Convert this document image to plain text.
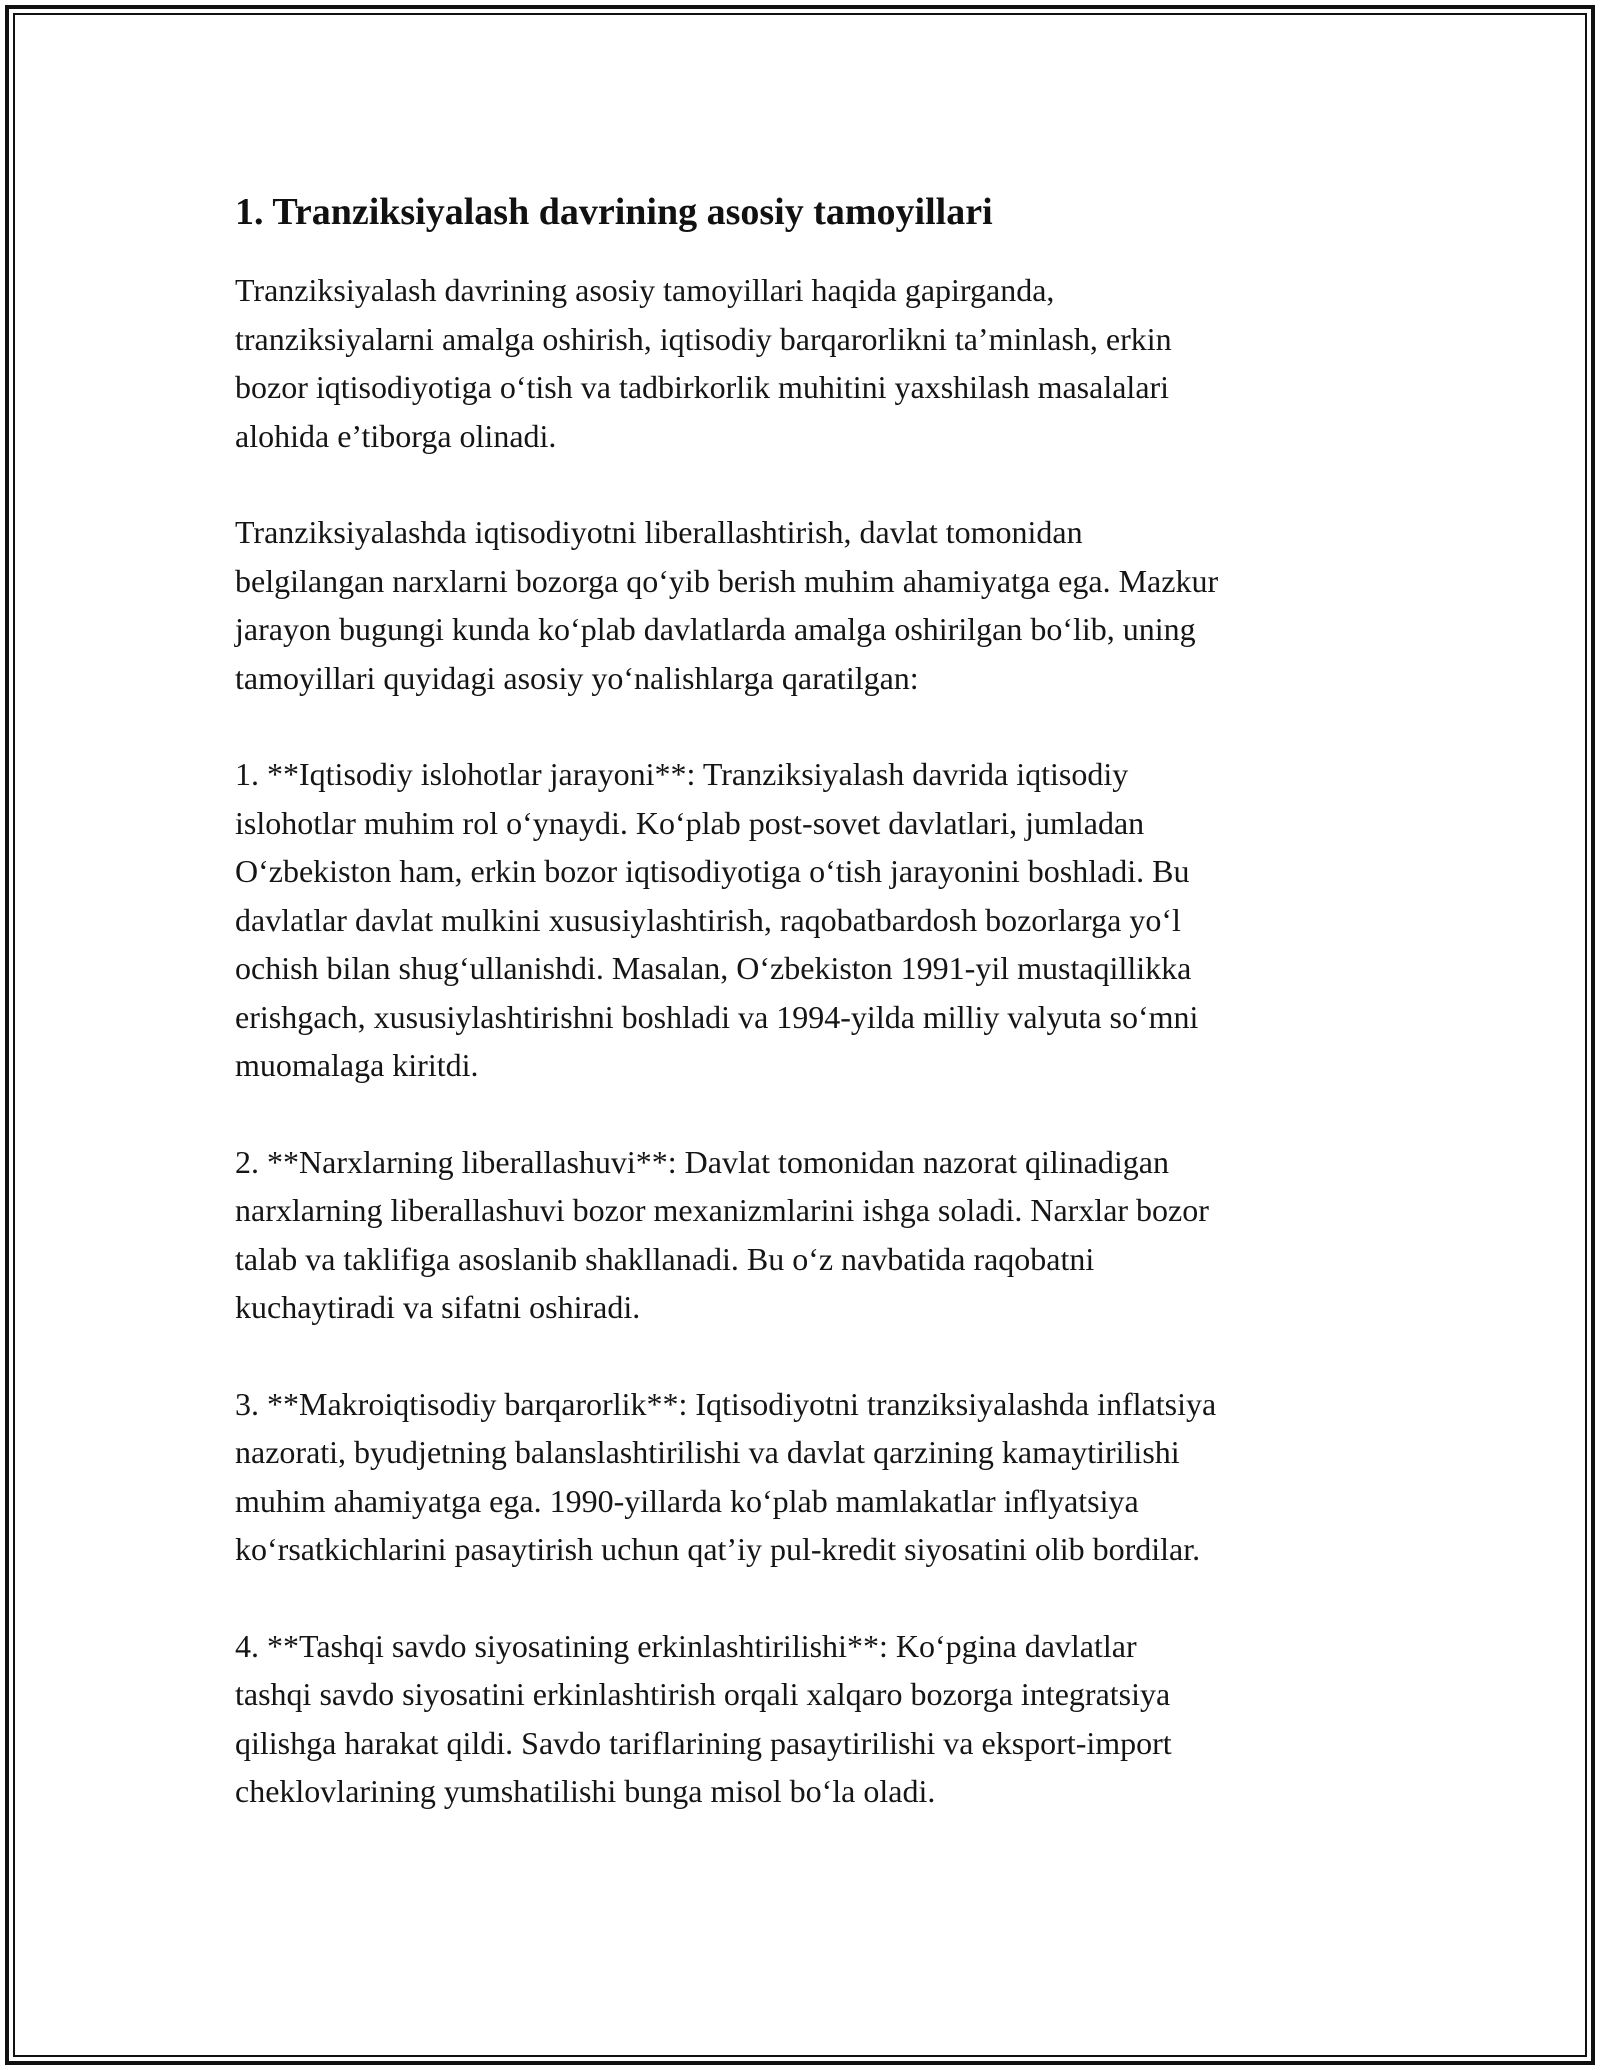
1. Tranziksiyalash davrining asosiy tamoyillari

Tranziksiyalash davrining asosiy tamoyillari haqida gapirganda,
tranziksiyalarni amalga oshirish, iqtisodiy barqarorlikni ta’minlash, erkin
bozor iqtisodiyotiga o‘tish va tadbirkorlik muhitini yaxshilash masalalari
alohida e’tiborga olinadi.

Tranziksiyalashda iqtisodiyotni liberallashtirish, davlat tomonidan
belgilangan narxlarni bozorga qo‘yib berish muhim ahamiyatga ega. Mazkur
jarayon bugungi kunda ko‘plab davlatlarda amalga oshirilgan bo‘lib, uning
tamoyillari quyidagi asosiy yo‘nalishlarga qaratilgan:

1. **Iqtisodiy islohotlar jarayoni**: Tranziksiyalash davrida iqtisodiy
islohotlar muhim rol o‘ynaydi. Ko‘plab post-sovet davlatlari, jumladan
O‘zbekiston ham, erkin bozor iqtisodiyotiga o‘tish jarayonini boshladi. Bu
davlatlar davlat mulkini xususiylashtirish, raqobatbardosh bozorlarga yo‘l
ochish bilan shug‘ullanishdi. Masalan, O‘zbekiston 1991-yil mustaqillikka
erishgach, xususiylashtirishni boshladi va 1994-yilda milliy valyuta so‘mni
muomalaga kiritdi.

2. **Narxlarning liberallashuvi**: Davlat tomonidan nazorat qilinadigan
narxlarning liberallashuvi bozor mexanizmlarini ishga soladi. Narxlar bozor
talab va taklifiga asoslanib shakllanadi. Bu o‘z navbatida raqobatni
kuchaytiradi va sifatni oshiradi.

3. **Makroiqtisodiy barqarorlik**: Iqtisodiyotni tranziksiyalashda inflatsiya
nazorati, byudjetning balanslashtirilishi va davlat qarzining kamaytirilishi
muhim ahamiyatga ega. 1990-yillarda ko‘plab mamlakatlar inflyatsiya
ko‘rsatkichlarini pasaytirish uchun qat’iy pul-kredit siyosatini olib bordilar.

4. **Tashqi savdo siyosatining erkinlashtirilishi**: Ko‘pgina davlatlar
tashqi savdo siyosatini erkinlashtirish orqali xalqaro bozorga integratsiya
qilishga harakat qildi. Savdo tariflarining pasaytirilishi va eksport-import
cheklovlarining yumshatilishi bunga misol bo‘la oladi.
